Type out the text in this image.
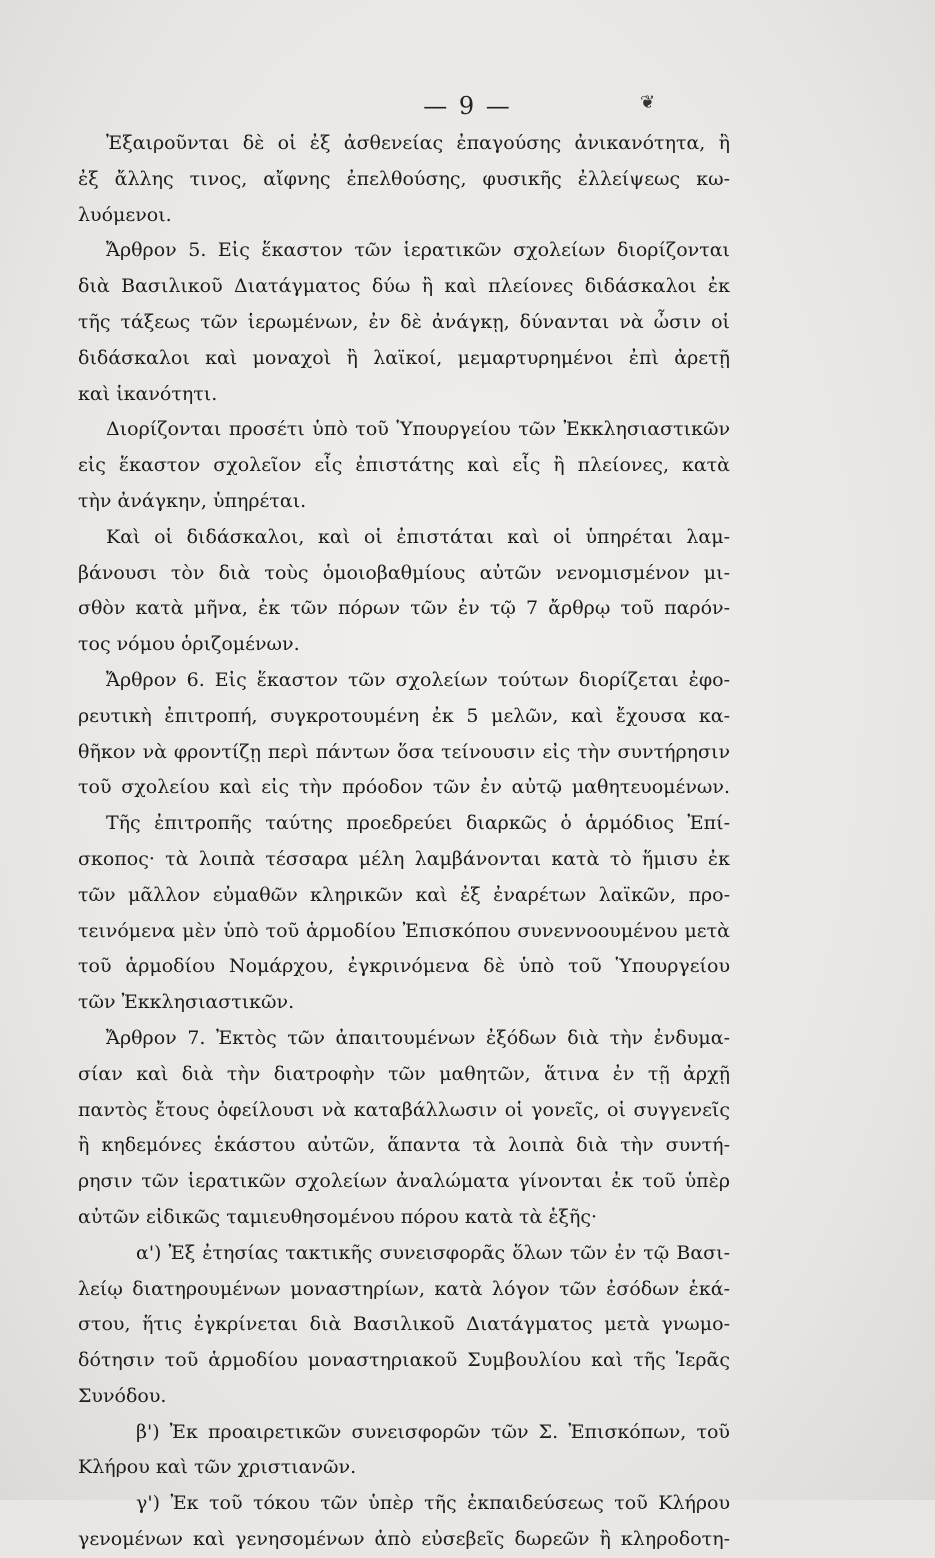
— 9 —	❦
Ἐξαιροῦνται δὲ οἱ ἐξ ἀσθενείας ἐπαγούσης ἀνικανότητα, ἢ
ἐξ ἄλλης τινος, αἴφνης ἐπελθούσης, φυσικῆς ἐλλείψεως κω-
λυόμενοι.
Ἄρθρον 5. Εἰς ἕκαστον τῶν ἱερατικῶν σχολείων διορίζονται
διὰ Βασιλικοῦ Διατάγματος δύω ἢ καὶ πλείονες διδάσκαλοι ἐκ
τῆς τάξεως τῶν ἱερωμένων, ἐν δὲ ἀνάγκῃ, δύνανται νὰ ὦσιν οἱ
διδάσκαλοι καὶ μοναχοὶ ἢ λαϊκοί, μεμαρτυρημένοι ἐπὶ ἀρετῇ
καὶ ἱκανότητι.
Διορίζονται προσέτι ὑπὸ τοῦ Ὑπουργείου τῶν Ἐκκλησιαστικῶν
εἰς ἕκαστον σχολεῖον εἷς ἐπιστάτης καὶ εἷς ἢ πλείονες, κατὰ
τὴν ἀνάγκην, ὑπηρέται.
Καὶ οἱ διδάσκαλοι, καὶ οἱ ἐπιστάται καὶ οἱ ὑπηρέται λαμ-
βάνουσι τὸν διὰ τοὺς ὁμοιοβαθμίους αὐτῶν νενομισμένον μι-
σθὸν κατὰ μῆνα, ἐκ τῶν πόρων τῶν ἐν τῷ 7 ἄρθρῳ τοῦ παρόν-
τος νόμου ὁριζομένων.
Ἄρθρον 6. Εἰς ἕκαστον τῶν σχολείων τούτων διορίζεται ἐφο-
ρευτικὴ ἐπιτροπή, συγκροτουμένη ἐκ 5 μελῶν, καὶ ἔχουσα κα-
θῆκον νὰ φροντίζῃ περὶ πάντων ὅσα τείνουσιν εἰς τὴν συντήρησιν
τοῦ σχολείου καὶ εἰς τὴν πρόοδον τῶν ἐν αὐτῷ μαθητευομένων.
Τῆς ἐπιτροπῆς ταύτης προεδρεύει διαρκῶς ὁ ἁρμόδιος Ἐπί-
σκοπος· τὰ λοιπὰ τέσσαρα μέλη λαμβάνονται κατὰ τὸ ἥμισυ ἐκ
τῶν μᾶλλον εὐμαθῶν κληρικῶν καὶ ἐξ ἐναρέτων λαϊκῶν, προ-
τεινόμενα μὲν ὑπὸ τοῦ ἁρμοδίου Ἐπισκόπου συνεννοουμένου μετὰ
τοῦ ἁρμοδίου Νομάρχου, ἐγκρινόμενα δὲ ὑπὸ τοῦ Ὑπουργείου
τῶν Ἐκκλησιαστικῶν.
Ἄρθρον 7. Ἐκτὸς τῶν ἀπαιτουμένων ἐξόδων διὰ τὴν ἐνδυμα-
σίαν καὶ διὰ τὴν διατροφὴν τῶν μαθητῶν, ἅτινα ἐν τῇ ἀρχῇ
παντὸς ἔτους ὀφείλουσι νὰ καταβάλλωσιν οἱ γονεῖς, οἱ συγγενεῖς
ἢ κηδεμόνες ἑκάστου αὐτῶν, ἅπαντα τὰ λοιπὰ διὰ τὴν συντή-
ρησιν τῶν ἱερατικῶν σχολείων ἀναλώματα γίνονται ἐκ τοῦ ὑπὲρ
αὐτῶν εἰδικῶς ταμιευθησομένου πόρου κατὰ τὰ ἑξῆς·
α') Ἐξ ἐτησίας τακτικῆς συνεισφορᾶς ὅλων τῶν ἐν τῷ Βασι-
λείῳ διατηρουμένων μοναστηρίων, κατὰ λόγον τῶν ἐσόδων ἑκά-
στου, ἥτις ἐγκρίνεται διὰ Βασιλικοῦ Διατάγματος μετὰ γνωμο-
δότησιν τοῦ ἁρμοδίου μοναστηριακοῦ Συμβουλίου καὶ τῆς Ἱερᾶς
Συνόδου.
β') Ἐκ προαιρετικῶν συνεισφορῶν τῶν Σ. Ἐπισκόπων, τοῦ
Κλήρου καὶ τῶν χριστιανῶν.
γ') Ἐκ τοῦ τόκου τῶν ὑπὲρ τῆς ἐκπαιδεύσεως τοῦ Κλήρου
γενομένων καὶ γενησομένων ἀπὸ εὐσεβεῖς δωρεῶν ἢ κληροδοτη-
